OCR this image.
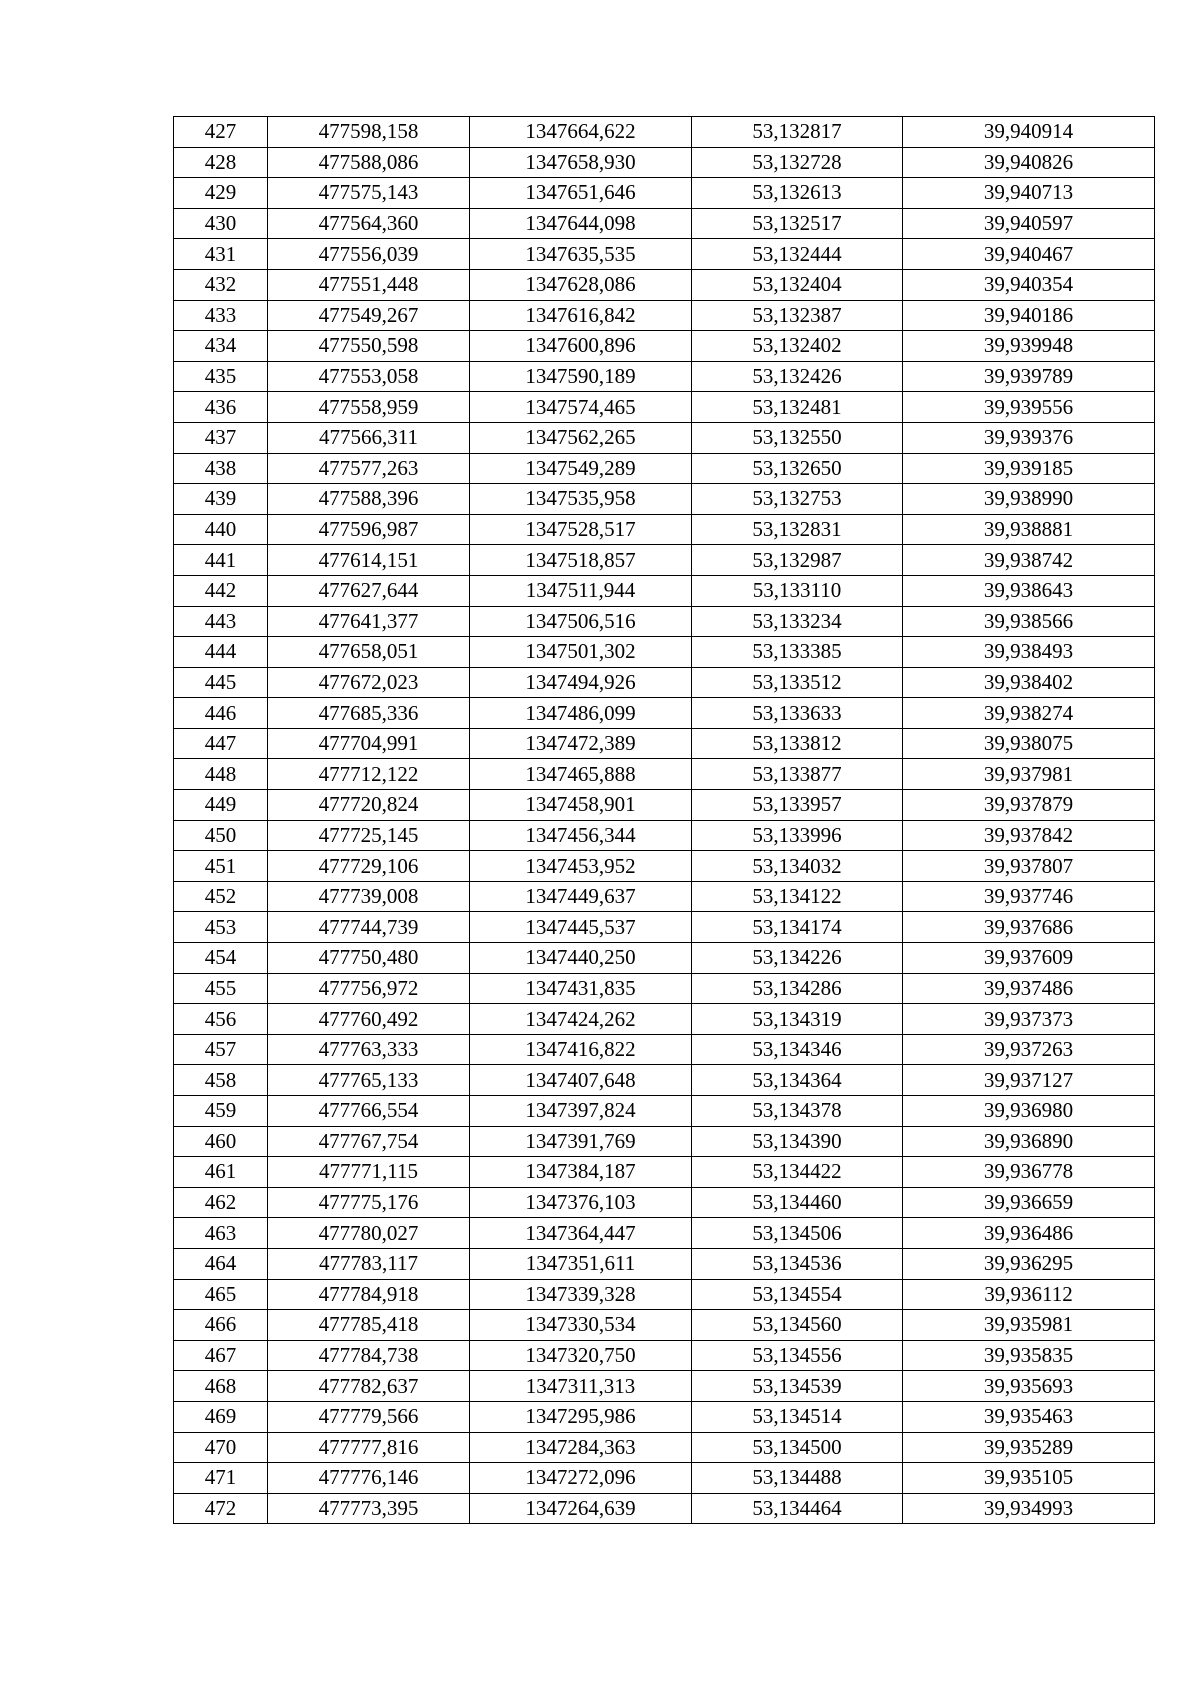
427	477598,158	1347664,622	53,132817	39,940914
428	477588,086	1347658,930	53,132728	39,940826
429	477575,143	1347651,646	53,132613	39,940713
430	477564,360	1347644,098	53,132517	39,940597
431	477556,039	1347635,535	53,132444	39,940467
432	477551,448	1347628,086	53,132404	39,940354
433	477549,267	1347616,842	53,132387	39,940186
434	477550,598	1347600,896	53,132402	39,939948
435	477553,058	1347590,189	53,132426	39,939789
436	477558,959	1347574,465	53,132481	39,939556
437	477566,311	1347562,265	53,132550	39,939376
438	477577,263	1347549,289	53,132650	39,939185
439	477588,396	1347535,958	53,132753	39,938990
440	477596,987	1347528,517	53,132831	39,938881
441	477614,151	1347518,857	53,132987	39,938742
442	477627,644	1347511,944	53,133110	39,938643
443	477641,377	1347506,516	53,133234	39,938566
444	477658,051	1347501,302	53,133385	39,938493
445	477672,023	1347494,926	53,133512	39,938402
446	477685,336	1347486,099	53,133633	39,938274
447	477704,991	1347472,389	53,133812	39,938075
448	477712,122	1347465,888	53,133877	39,937981
449	477720,824	1347458,901	53,133957	39,937879
450	477725,145	1347456,344	53,133996	39,937842
451	477729,106	1347453,952	53,134032	39,937807
452	477739,008	1347449,637	53,134122	39,937746
453	477744,739	1347445,537	53,134174	39,937686
454	477750,480	1347440,250	53,134226	39,937609
455	477756,972	1347431,835	53,134286	39,937486
456	477760,492	1347424,262	53,134319	39,937373
457	477763,333	1347416,822	53,134346	39,937263
458	477765,133	1347407,648	53,134364	39,937127
459	477766,554	1347397,824	53,134378	39,936980
460	477767,754	1347391,769	53,134390	39,936890
461	477771,115	1347384,187	53,134422	39,936778
462	477775,176	1347376,103	53,134460	39,936659
463	477780,027	1347364,447	53,134506	39,936486
464	477783,117	1347351,611	53,134536	39,936295
465	477784,918	1347339,328	53,134554	39,936112
466	477785,418	1347330,534	53,134560	39,935981
467	477784,738	1347320,750	53,134556	39,935835
468	477782,637	1347311,313	53,134539	39,935693
469	477779,566	1347295,986	53,134514	39,935463
470	477777,816	1347284,363	53,134500	39,935289
471	477776,146	1347272,096	53,134488	39,935105
472	477773,395	1347264,639	53,134464	39,934993
